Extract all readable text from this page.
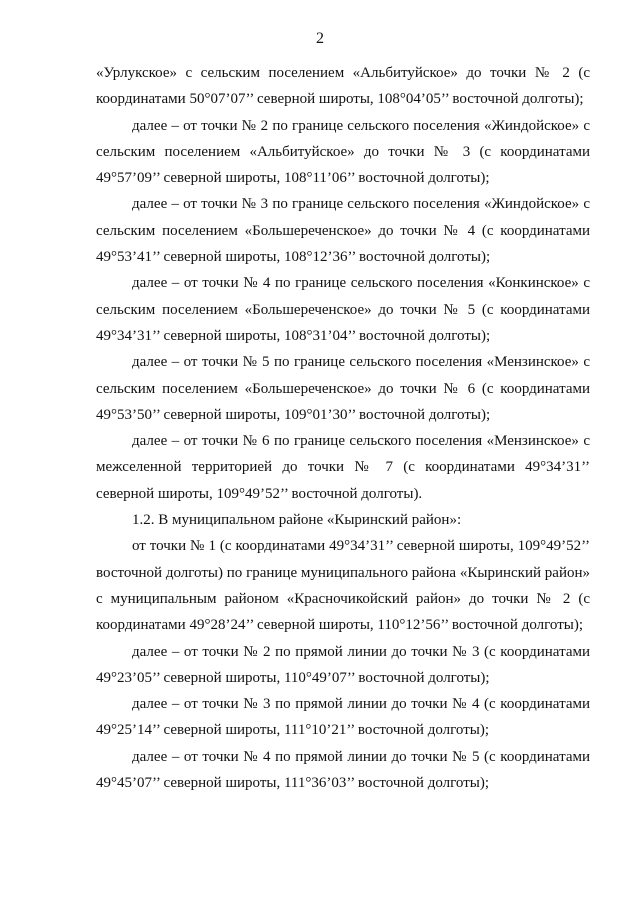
2

«Урлукское» с сельским поселением «Альбитуйское» до точки № 2 (с координатами 50°07’07’’ северной широты, 108°04’05’’ восточной долготы);

далее – от точки № 2 по границе сельского поселения «Жиндойское» с сельским поселением «Альбитуйское» до точки № 3 (с координатами 49°57’09’’ северной широты, 108°11’06’’ восточной долготы);

далее – от точки № 3 по границе сельского поселения «Жиндойское» с сельским поселением «Большереченское» до точки № 4 (с координатами 49°53’41’’ северной широты, 108°12’36’’ восточной долготы);

далее – от точки № 4 по границе сельского поселения «Конкинское» с сельским поселением «Большереченское» до точки № 5 (с координатами 49°34’31’’ северной широты, 108°31’04’’ восточной долготы);

далее – от точки № 5 по границе сельского поселения «Мензинское» с сельским поселением «Большереченское» до точки № 6 (с координатами 49°53’50’’ северной широты, 109°01’30’’ восточной долготы);

далее – от точки № 6 по границе сельского поселения «Мензинское» с межселенной территорией до точки № 7 (с координатами 49°34’31’’ северной широты, 109°49’52’’ восточной долготы).

1.2. В муниципальном районе «Кыринский район»:

от точки № 1 (с координатами 49°34’31’’ северной широты, 109°49’52’’ восточной долготы) по границе муниципального района «Кыринский район» с муниципальным районом «Красночикойский район» до точки № 2 (с координатами 49°28’24’’ северной широты, 110°12’56’’ восточной долготы);

далее – от точки № 2 по прямой линии до точки № 3 (с координатами 49°23’05’’ северной широты, 110°49’07’’ восточной долготы);

далее – от точки № 3 по прямой линии до точки № 4 (с координатами 49°25’14’’ северной широты, 111°10’21’’ восточной долготы);

далее – от точки № 4 по прямой линии до точки № 5 (с координатами 49°45’07’’ северной широты, 111°36’03’’ восточной долготы);
